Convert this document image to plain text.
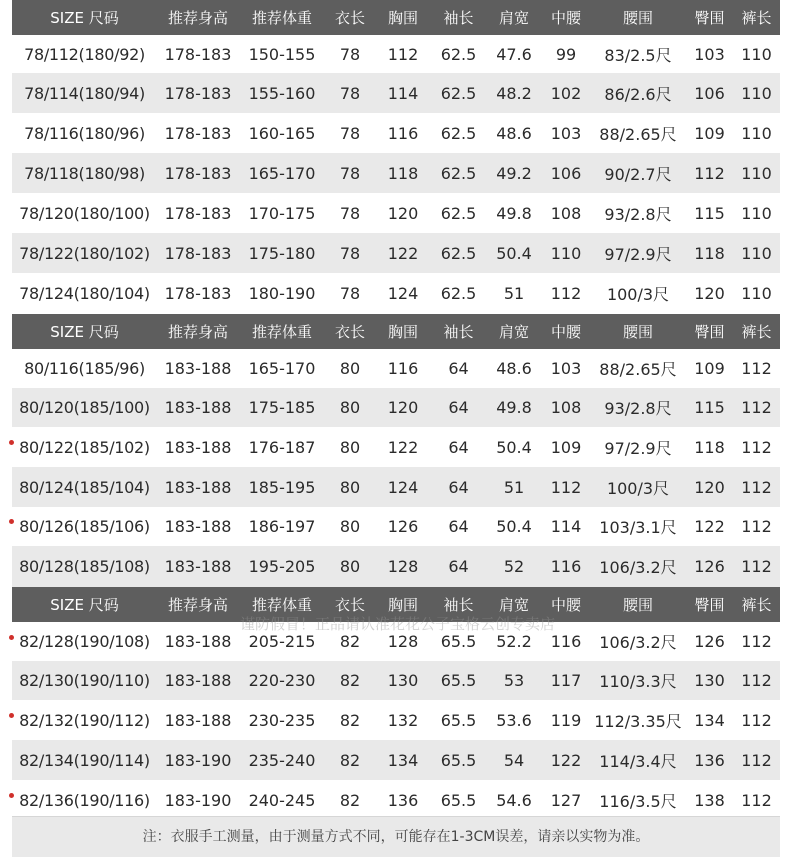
SIZE 尺码	推荐身高	推荐体重	衣长	胸围	袖长	肩宽	中腰	腰围	臀围	裤长
78/112(180/92)	178-183	150-155	78	112	62.5	47.6	99	83/2.5尺	103	110
78/114(180/94)	178-183	155-160	78	114	62.5	48.2	102	86/2.6尺	106	110
78/116(180/96)	178-183	160-165	78	116	62.5	48.6	103	88/2.65尺	109	110
78/118(180/98)	178-183	165-170	78	118	62.5	49.2	106	90/2.7尺	112	110
78/120(180/100)	178-183	170-175	78	120	62.5	49.8	108	93/2.8尺	115	110
78/122(180/102)	178-183	175-180	78	122	62.5	50.4	110	97/2.9尺	118	110
78/124(180/104)	178-183	180-190	78	124	62.5	51	112	100/3尺	120	110
SIZE 尺码	推荐身高	推荐体重	衣长	胸围	袖长	肩宽	中腰	腰围	臀围	裤长
80/116(185/96)	183-188	165-170	80	116	64	48.6	103	88/2.65尺	109	112
80/120(185/100)	183-188	175-185	80	120	64	49.8	108	93/2.8尺	115	112
80/122(185/102)	183-188	176-187	80	122	64	50.4	109	97/2.9尺	118	112
80/124(185/104)	183-188	185-195	80	124	64	51	112	100/3尺	120	112
80/126(185/106)	183-188	186-197	80	126	64	50.4	114	103/3.1尺	122	112
80/128(185/108)	183-188	195-205	80	128	64	52	116	106/3.2尺	126	112
SIZE 尺码	推荐身高	推荐体重	衣长	胸围	袖长	肩宽	中腰	腰围	臀围	裤长
82/128(190/108)	183-188	205-215	82	128	65.5	52.2	116	106/3.2尺	126	112
82/130(190/110)	183-188	220-230	82	130	65.5	53	117	110/3.3尺	130	112
82/132(190/112)	183-188	230-235	82	132	65.5	53.6	119	112/3.35尺	134	112
82/134(190/114)	183-190	235-240	82	134	65.5	54	122	114/3.4尺	136	112
82/136(190/116)	183-190	240-245	82	136	65.5	54.6	127	116/3.5尺	138	112
谨防假冒！正品请认准花花公子宝格云创专卖店
注：衣服手工测量，由于测量方式不同，可能存在1-3CM误差，请亲以实物为准。
